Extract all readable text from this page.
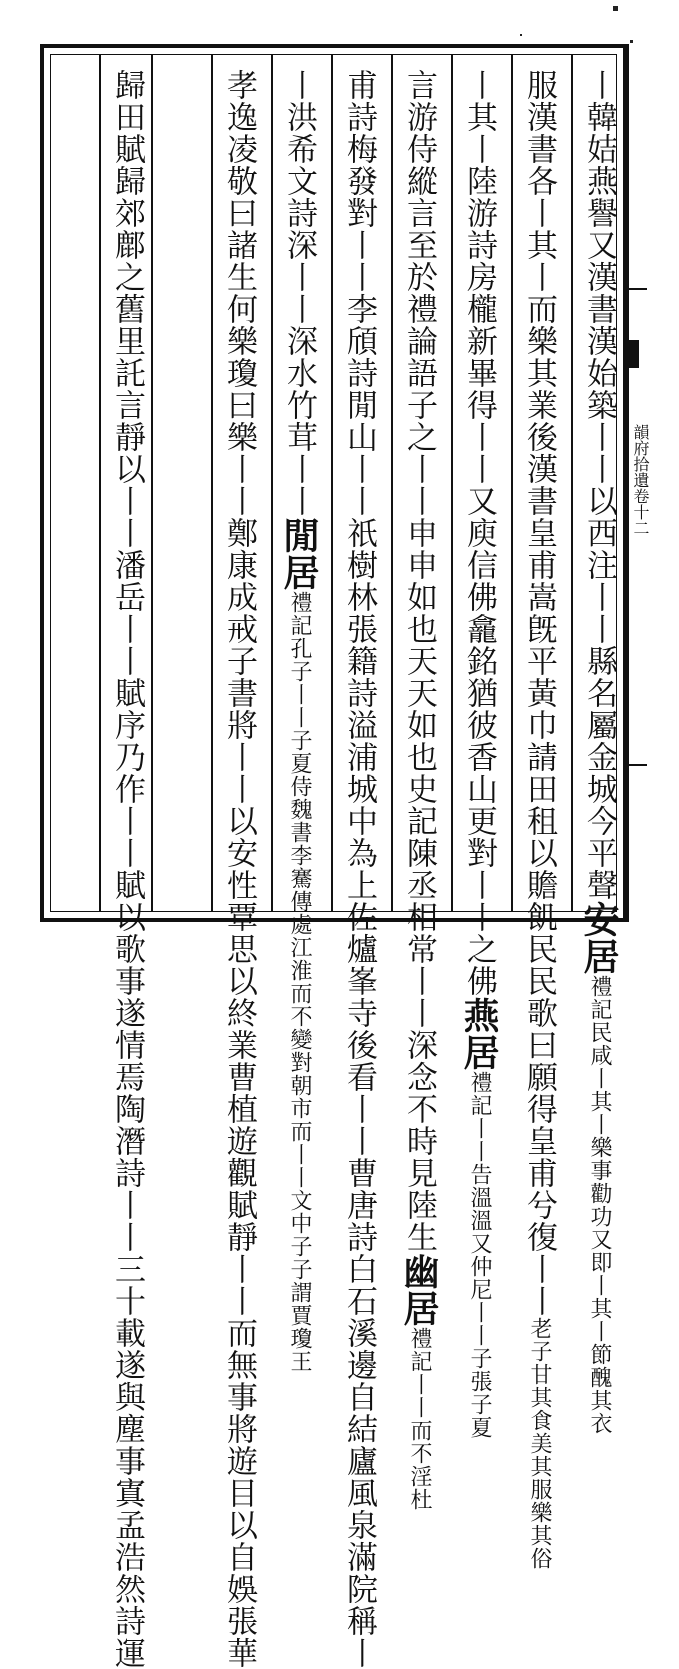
丨韓姞燕譽又漢書漢始築丨丨以西注丨丨縣名屬金城今平聲安居禮記民咸丨其丨樂事勸功又即丨其丨節醜其衣
服漢書各丨其丨而樂其業後漢書皇甫嵩旣平黃巾請田租以贍飢民民歌曰願得皇甫兮復丨丨老子甘其食美其服樂其俗
丨其丨陸游詩房櫳新畢得丨丨又庾信佛龕銘猶彼香山更對丨丨之佛燕居禮記丨丨告溫溫又仲尼丨丨子張子夏
言游侍縱言至於禮論語子之丨丨申申如也天天如也史記陳丞相常丨丨深念不時見陸生幽居禮記丨丨而不淫杜
甫詩梅發對丨丨李頎詩閒山丨丨祇樹林張籍詩溢浦城中為上佐爐峯寺後看丨丨曹唐詩白石溪邊自結廬風泉滿院稱丨
丨洪希文詩深丨丨深水竹茸丨丨閒居禮記孔子丨丨子夏侍魏書李騫傳處江淮而不變對朝市而丨丨文中子子謂賈瓊王
孝逸凌敬曰諸生何樂瓊曰樂丨丨鄭康成戒子書將丨丨以安性覃思以終業曹植遊觀賦靜丨丨而無事將遊目以自娛張華
歸田賦歸郊鄜之舊里託言靜以丨丨潘岳丨丨賦序乃作丨丨賦以歌事遂情焉陶潛詩丨丨三十載遂與塵事寘孟浩然詩運	韻府拾遺卷十二
